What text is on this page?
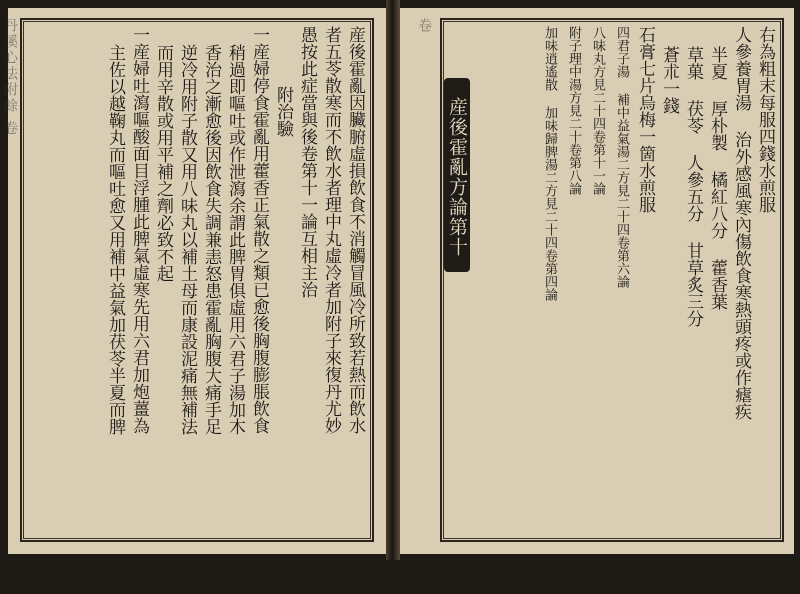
丹溪心法附餘 卷	産後霍亂因臟腑虛損飲食不消觸冒風冷所致若熱而飲水
者五苓散寒而不飲水者理中丸虛冷者加附子來復丹尤妙
愚按此症當與後卷第十一論互相主治
附治驗
一産婦停食霍亂用藿香正氣散之類已愈後胸腹膨脹飲食
稍過即嘔吐或作泄瀉余謂此脾胃俱虛用六君子湯加木
香治之漸愈後因飲食失調兼恚怒患霍亂胸腹大痛手足
逆冷用附子散又用八味丸以補土母而康設泥痛無補法
而用辛散或用平補之劑必致不起
一産婦吐瀉嘔酸面目浮腫此脾氣虛寒先用六君加炮薑為
主佐以越鞠丸而嘔吐愈又用補中益氣加茯苓半夏而脾
卷	右為粗末每服四錢水煎服
人參養胃湯 治外感風寒內傷飲食寒熱頭疼或作瘧疾
半夏 厚朴製 橘紅八分 藿香葉
草菓 茯苓 人參五分 甘草炙三分
蒼朮一錢
石膏七片烏梅一箇水煎服
四君子湯 補中益氣湯二方見二十四卷第六論
八味丸方見二十四卷第十一論
附子理中湯方見二十卷第八論
加味逍遙散 加味歸脾湯二方見二十四卷第四論
産後霍亂方論第十
